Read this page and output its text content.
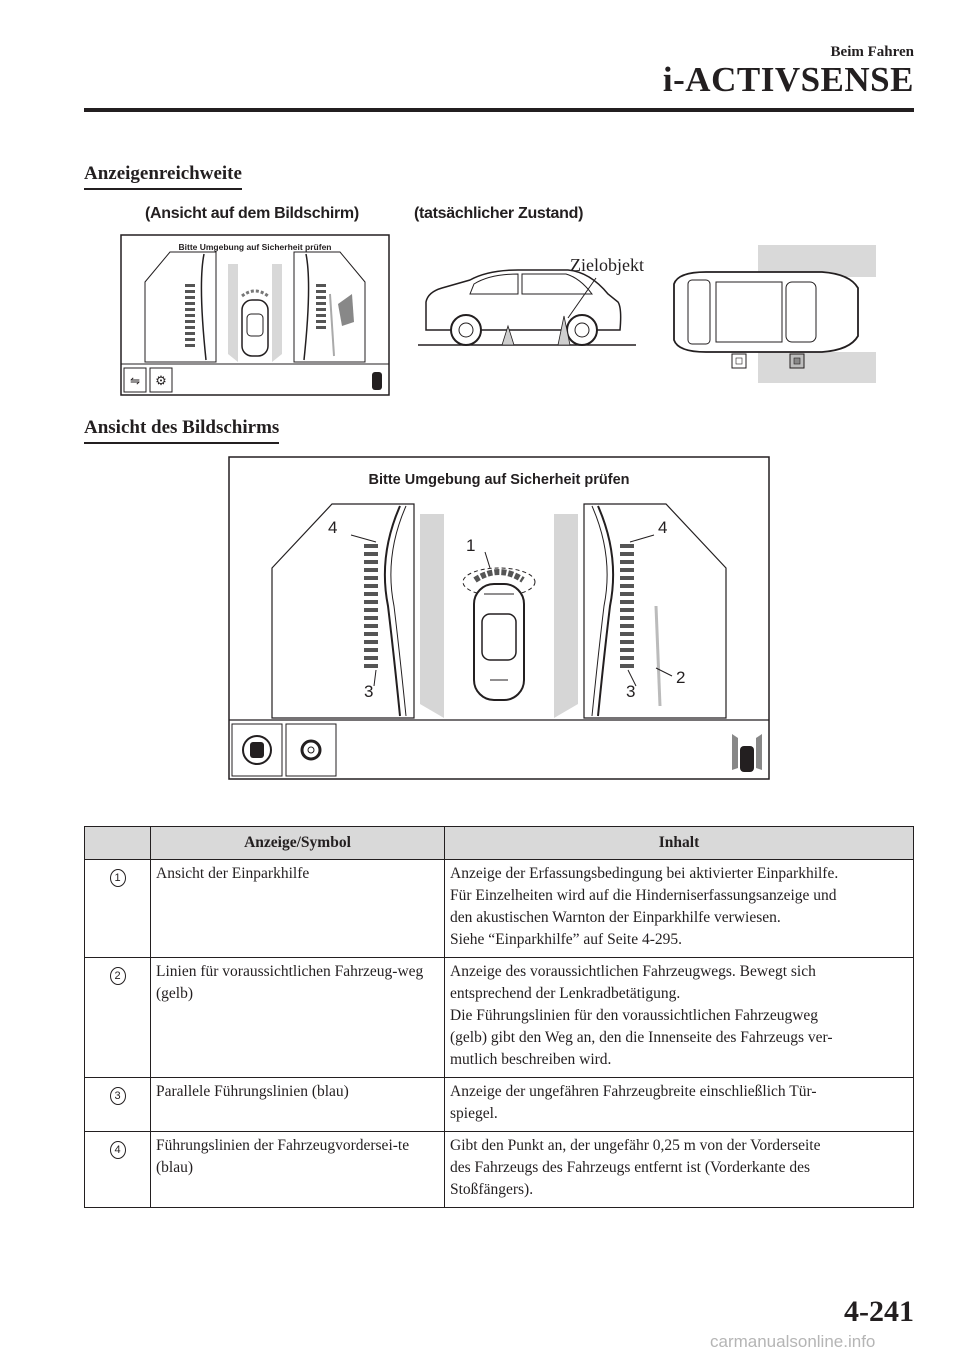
Beim Fahren
i-ACTIVSENSE
Anzeigenreichweite
(Ansicht auf dem Bildschirm)	(tatsächlicher Zustand)
⇋ ⚙
Bitte Umgebung auf Sicherheit prüfen
Zielobjekt
Ansicht des Bildschirms
Bitte Umgebung auf Sicherheit prüfen
4	4
1
2
3	3
	Anzeige/Symbol	Inhalt
1	Ansicht der Einparkhilfe	Anzeige der Erfassungsbedingung bei aktivierter Einparkhilfe.
Für Einzelheiten wird auf die Hinderniserfassungsanzeige und
den akustischen Warnton der Einparkhilfe verwiesen.
Siehe “Einparkhilfe” auf Seite 4-295.

2	Linien für voraussichtlichen Fahrzeug-weg (gelb)	Anzeige des voraussichtlichen Fahrzeugwegs. Bewegt sich
entsprechend der Lenkradbetätigung.
Die Führungslinien für den voraussichtlichen Fahrzeugweg
(gelb) gibt den Weg an, den die Innenseite des Fahrzeugs ver-
mutlich beschreiben wird.

3	Parallele Führungslinien (blau)	Anzeige der ungefähren Fahrzeugbreite einschließlich Tür-
spiegel.

4	Führungslinien der Fahrzeugvordersei-te (blau)	Gibt den Punkt an, der ungefähr 0,25 m von der Vorderseite
des Fahrzeugs des Fahrzeugs entfernt ist (Vorderkante des
Stoßfängers).
4-241
carmanualsonline.info
